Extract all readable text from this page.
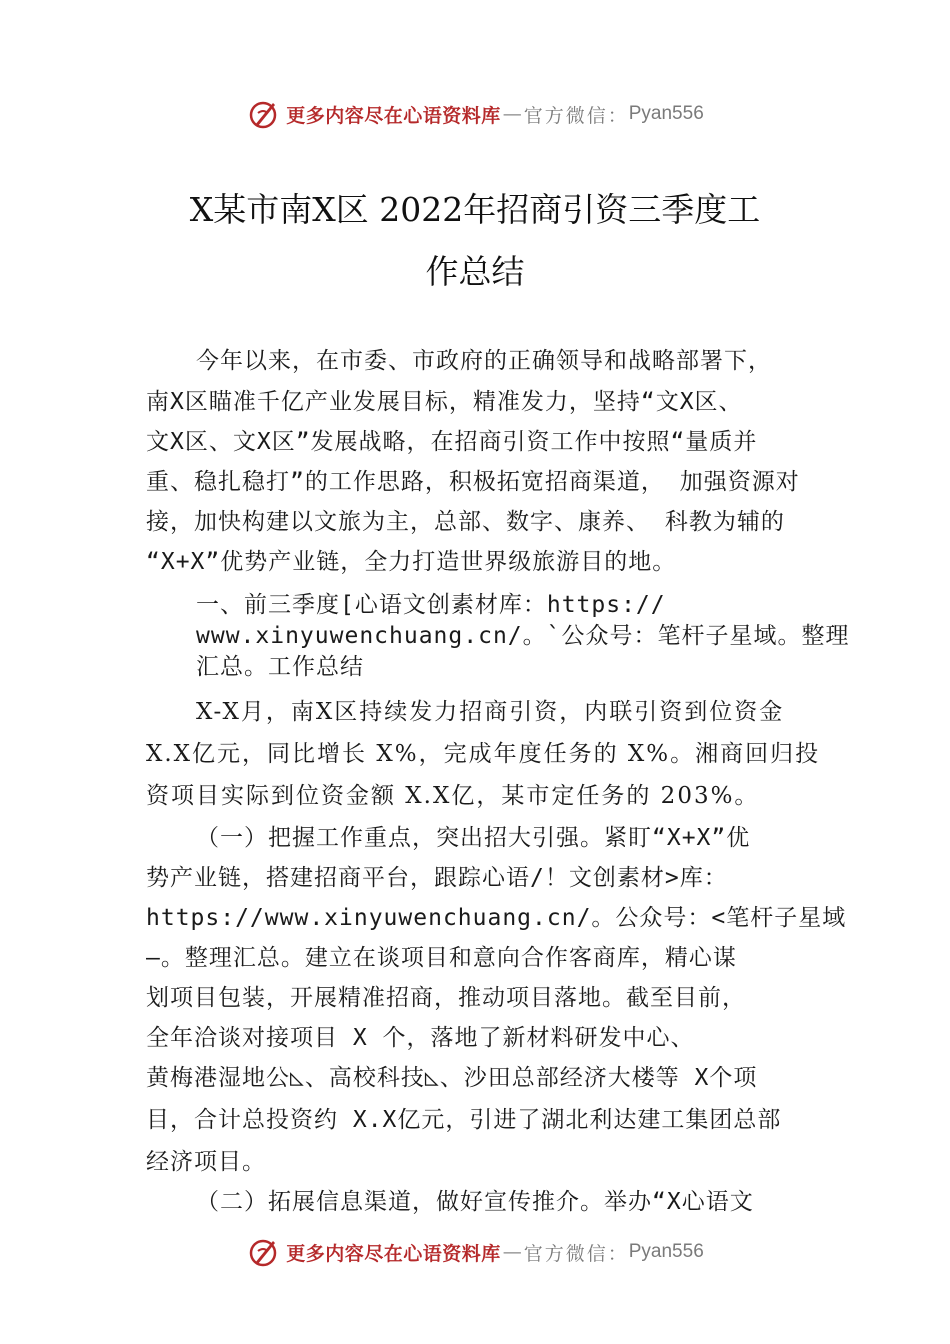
更多内容尽在心语资料库 — 官方微信： Pyan556
X某市南X区 2022年招商引资三季度工
作总结
今年以来，在市委、市政府的正确领导和战略部署下，
南X区瞄准千亿产业发展目标，精准发力，坚持“文X区、
文X区、文X区”发展战略，在招商引资工作中按照“量质并
重、稳扎稳打”的工作思路，积极拓宽招商渠道， 加强资源对
接，加快构建以文旅为主，总部、数字、康养、 科教为辅的
“X+X”优势产业链，全力打造世界级旅游目的地。
一、前三季度[心语文创素材库：https://
www.xinyuwenchuang.cn/。`公众号：笔杆子星域。整理
汇总。工作总结
X-X月，南X区持续发力招商引资，内联引资到位资金
X.X亿元，同比增长 X%，完成年度任务的 X%。湘商回归投
资项目实际到位资金额 X.X亿，某市定任务的 203%。
（一）把握工作重点，突出招大引强。紧盯“X+X”优
势产业链，搭建招商平台，跟踪心语/！文创素材>库：
https://www.xinyuwenchuang.cn/。公众号：<笔杆子星域
—。整理汇总。建立在谈项目和意向合作客商库，精心谋
划项目包装，开展精准招商，推动项目落地。截至目前，
全年洽谈对接项目 X 个，落地了新材料研发中心、
黄梅港湿地公◺、高校科技◺、沙田总部经济大楼等 X个项
目，合计总投资约 X.X亿元，引进了湖北利达建工集团总部
经济项目。
（二）拓展信息渠道，做好宣传推介。举办“X心语文
更多内容尽在心语资料库 — 官方微信： Pyan556
